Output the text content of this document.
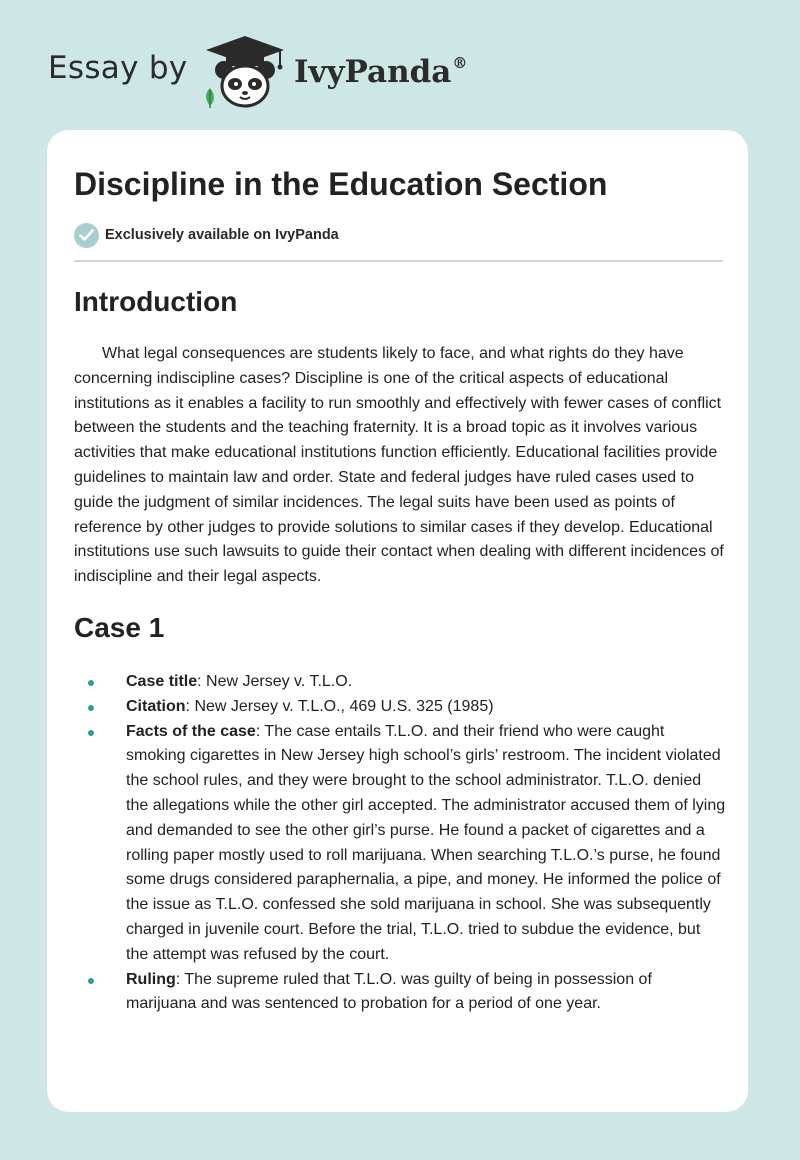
Essay by	IvyPanda®
Discipline in the Education Section
Exclusively available on IvyPanda
Introduction

What legal consequences are students likely to face, and what rights do they have concerning indiscipline cases? Discipline is one of the critical aspects of educational institutions as it enables a facility to run smoothly and effectively with fewer cases of conflict between the students and the teaching fraternity. It is a broad topic as it involves various activities that make educational institutions function efficiently. Educational facilities provide guidelines to maintain law and order. State and federal judges have ruled cases used to guide the judgment of similar incidences. The legal suits have been used as points of reference by other judges to provide solutions to similar cases if they develop. Educational institutions use such lawsuits to guide their contact when dealing with different incidences of indiscipline and their legal aspects.

Case 1
Case title: New Jersey v. T.L.O.
Citation: New Jersey v. T.L.O., 469 U.S. 325 (1985)
Facts of the case: The case entails T.L.O. and their friend who were caught smoking cigarettes in New Jersey high school’s girls’ restroom. The incident violated the school rules, and they were brought to the school administrator. T.L.O. denied the allegations while the other girl accepted. The administrator accused them of lying and demanded to see the other girl’s purse. He found a packet of cigarettes and a rolling paper mostly used to roll marijuana. When searching T.L.O.’s purse, he found some drugs considered paraphernalia, a pipe, and money. He informed the police of the issue as T.L.O. confessed she sold marijuana in school. She was subsequently charged in juvenile court. Before the trial, T.L.O. tried to subdue the evidence, but the attempt was refused by the court.
Ruling: The supreme ruled that T.L.O. was guilty of being in possession of marijuana and was sentenced to probation for a period of one year.
